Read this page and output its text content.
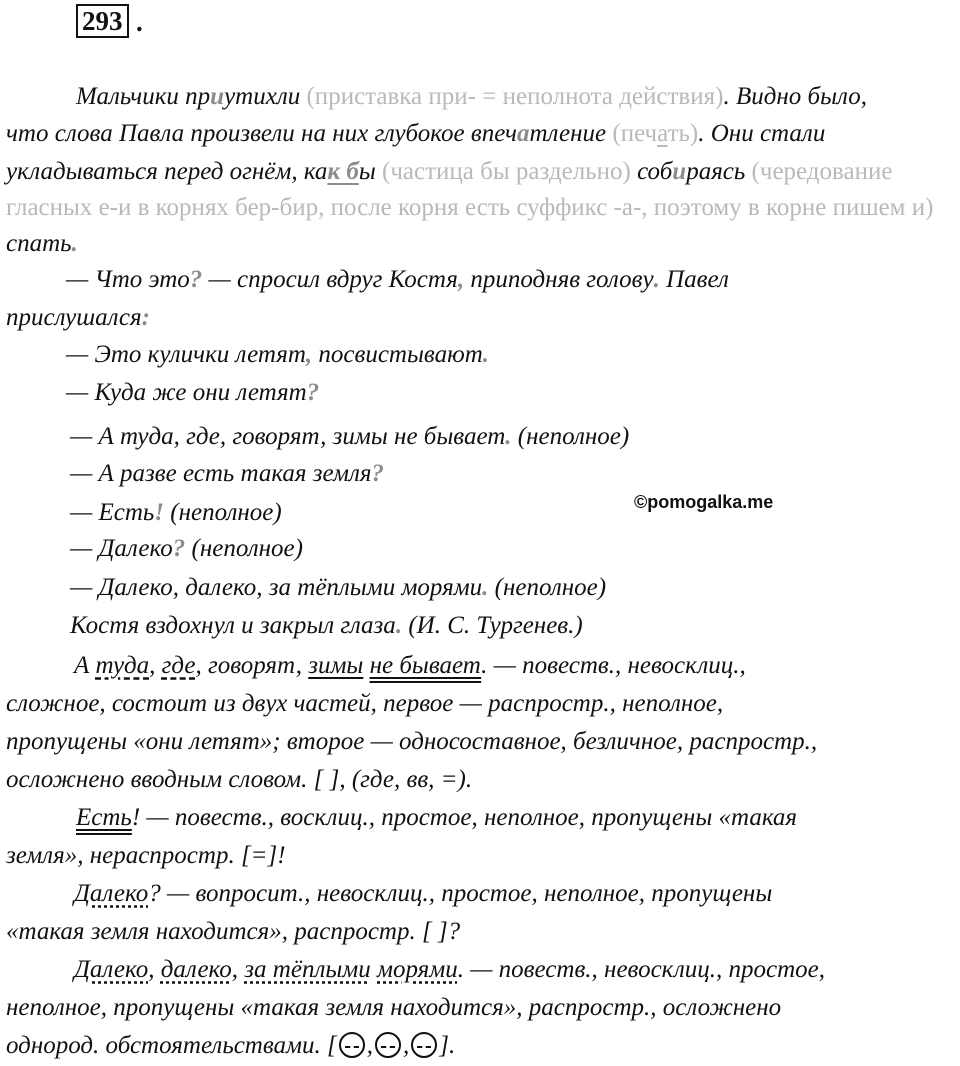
293 .
Мальчики приутихли (приставка при- = неполнота действия). Видно было,
что слова Павла произвели на них глубокое впечатление (печать). Они стали
укладываться перед огнём, как бы (частица бы раздельно) собираясь (чередование
гласных е-и в корнях бер-бир, после корня есть суффикс -а-, поэтому в корне пишем и)
спать.
— Что это? — спросил вдруг Костя, приподняв голову. Павел
прислушался:
— Это кулички летят, посвистывают.
— Куда же они летят?
— А туда, где, говорят, зимы не бывает. (неполное)
— А разве есть такая земля?
— Есть! (неполное)
— Далеко? (неполное)
— Далеко, далеко, за тёплыми морями. (неполное)
Костя вздохнул и закрыл глаза. (И. С. Тургенев.)
А туда, где, говорят, зимы не бывает. — повеств., невосклиц.,
сложное, состоит из двух частей, первое — распростр., неполное,
пропущены «они летят»; второе — односоставное, безличное, распростр.,
осложнено вводным словом. [ ], (где, вв, =).
Есть! — повеств., восклиц., простое, неполное, пропущены «такая
земля», нераспростр. [=]!
Далеко? — вопросит., невосклиц., простое, неполное, пропущены
«такая земля находится», распростр. [ ]?
Далеко, далеко, за тёплыми морями. — повеств., невосклиц., простое,
неполное, пропущены «такая земля находится», распростр., осложнено
однород. обстоятельствами. [ , , ].
©pomogalka.me
